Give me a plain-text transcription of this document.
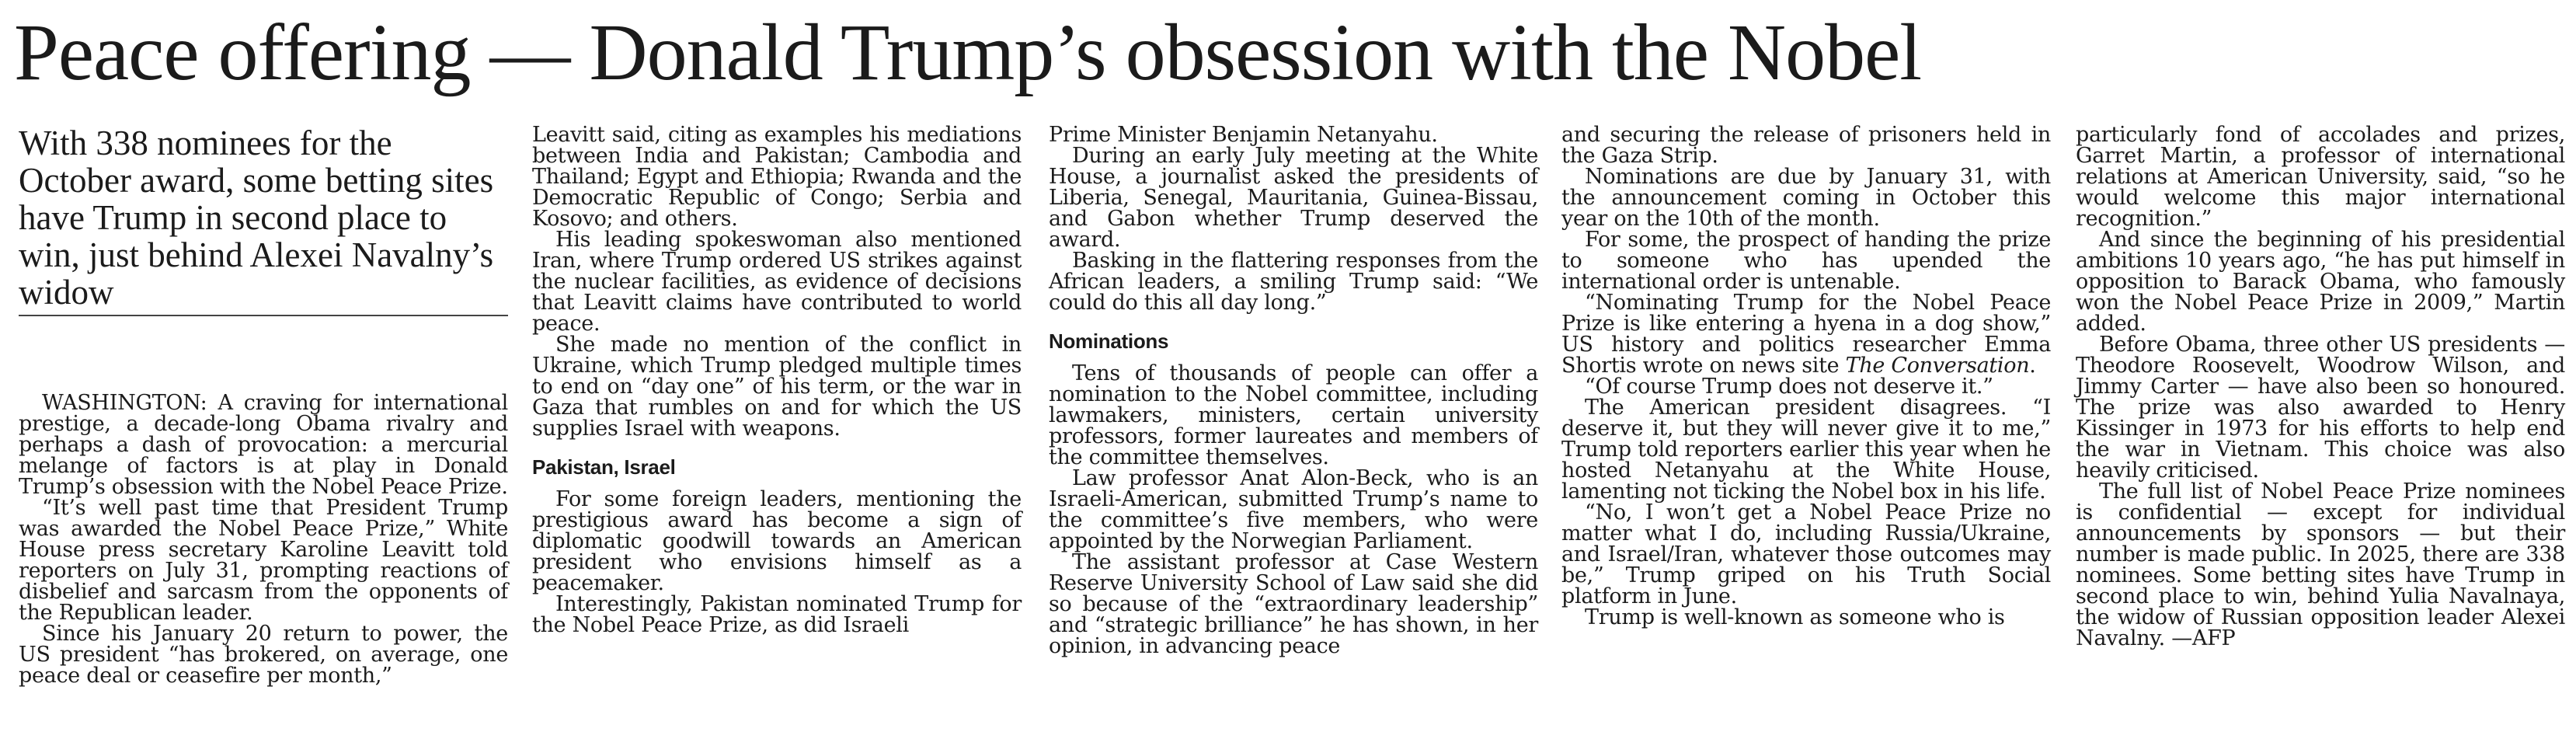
Peace offering — Donald Trump’s obsession with the Nobel

With 338 nominees for the October award, some betting sites have Trump in second place to win, just behind Alexei Navalny’s widow

WASHINGTON: A craving for international prestige, a decade-long Obama rivalry and perhaps a dash of provocation: a mercurial melange of factors is at play in Donald Trump’s obsession with the Nobel Peace Prize.

“It’s well past time that President Trump was awarded the Nobel Peace Prize,” White House press secretary Karoline Leavitt told reporters on July 31, prompting reactions of disbelief and sarcasm from the opponents of the Republican leader.

Since his January 20 return to power, the US president “has brokered, on average, one peace deal or ceasefire per month,”

Leavitt said, citing as examples his mediations between India and Pakistan; Cambodia and Thailand; Egypt and Ethiopia; Rwanda and the Democratic Republic of Congo; Serbia and Kosovo; and others.

His leading spokeswoman also mentioned Iran, where Trump ordered US strikes against the nuclear facilities, as evidence of decisions that Leavitt claims have contributed to world peace.

She made no mention of the conflict in Ukraine, which Trump pledged multiple times to end on “day one” of his term, or the war in Gaza that rumbles on and for which the US supplies Israel with weapons.

Pakistan, Israel

For some foreign leaders, mentioning the prestigious award has become a sign of diplomatic goodwill towards an American president who envisions himself as a peacemaker.

Interestingly, Pakistan nominated Trump for the Nobel Peace Prize, as did Israeli

Prime Minister Benjamin Netanyahu.

During an early July meeting at the White House, a journalist asked the presidents of Liberia, Senegal, Mauritania, Guinea-Bissau, and Gabon whether Trump deserved the award.

Basking in the flattering responses from the African leaders, a smiling Trump said: “We could do this all day long.”

Nominations

Tens of thousands of people can offer a nomination to the Nobel committee, including lawmakers, ministers, certain university professors, former laureates and members of the committee themselves.

Law professor Anat Alon-Beck, who is an Israeli-American, submitted Trump’s name to the committee’s five members, who were appointed by the Norwegian Parliament.

The assistant professor at Case Western Reserve University School of Law said she did so because of the “extraordinary leadership” and “strategic brilliance” he has shown, in her opinion, in advancing peace

and securing the release of prisoners held in the Gaza Strip.

Nominations are due by January 31, with the announcement coming in October this year on the 10th of the month.

For some, the prospect of handing the prize to someone who has upended the international order is untenable.

“Nominating Trump for the Nobel Peace Prize is like entering a hyena in a dog show,” US history and politics researcher Emma Shortis wrote on news site The Conversation.

“Of course Trump does not deserve it.”

The American president disagrees. “I deserve it, but they will never give it to me,” Trump told reporters earlier this year when he hosted Netanyahu at the White House, lamenting not ticking the Nobel box in his life.

“No, I won’t get a Nobel Peace Prize no matter what I do, including Russia/Ukraine, and Israel/Iran, whatever those outcomes may be,” Trump griped on his Truth Social platform in June.

Trump is well-known as someone who is

particularly fond of accolades and prizes, Garret Martin, a professor of international relations at American University, said, “so he would welcome this major international recognition.”

And since the beginning of his presidential ambitions 10 years ago, “he has put himself in opposition to Barack Obama, who famously won the Nobel Peace Prize in 2009,” Martin added.

Before Obama, three other US presidents — Theodore Roosevelt, Woodrow Wilson, and Jimmy Carter — have also been so honoured. The prize was also awarded to Henry Kissinger in 1973 for his efforts to help end the war in Vietnam. This choice was also heavily criticised.

The full list of Nobel Peace Prize nominees is confidential — except for individual announcements by sponsors — but their number is made public. In 2025, there are 338 nominees. Some betting sites have Trump in second place to win, behind Yulia Navalnaya, the widow of Russian opposition leader Alexei Navalny. —AFP
